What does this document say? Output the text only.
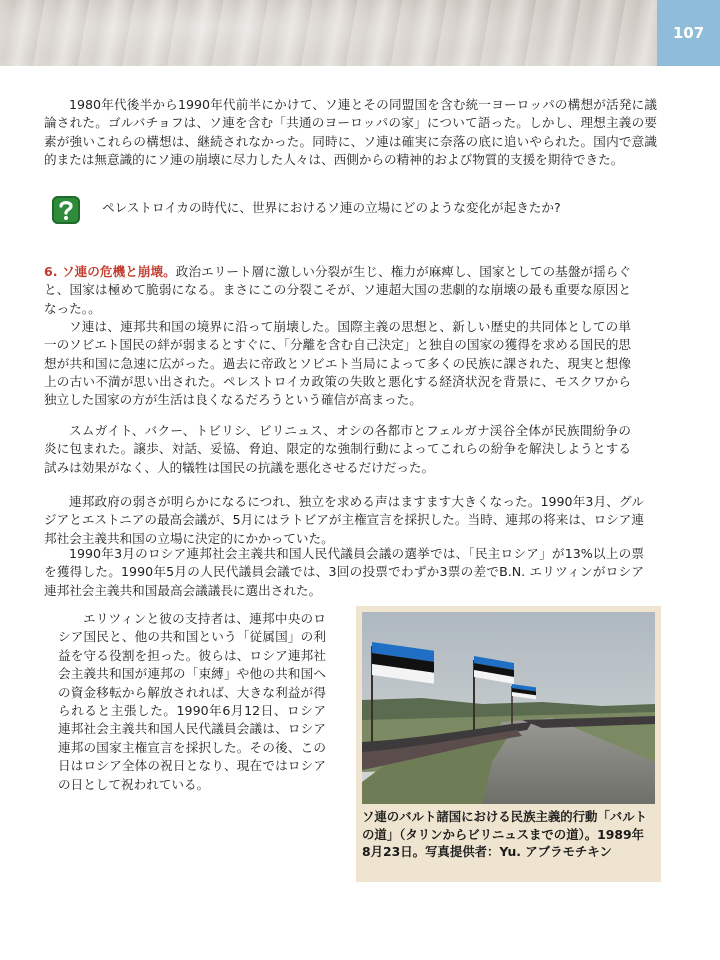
107

1980年代後半から1990年代前半にかけて、ソ連とその同盟国を含む統一ヨーロッパの構想が活発に議論された。ゴルバチョフは、ソ連を含む「共通のヨーロッパの家」について語った。しかし、理想主義の要素が強いこれらの構想は、継続されなかった。同時に、ソ連は確実に奈落の底に追いやられた。国内で意識的または無意識的にソ連の崩壊に尽力した人々は、西側からの精神的および物質的支援を期待できた。

ペレストロイカの時代に、世界におけるソ連の立場にどのような変化が起きたか?

6. ソ連の危機と崩壊。政治エリート層に激しい分裂が生じ、権力が麻痺し、国家としての基盤が揺らぐと、国家は極めて脆弱になる。まさにこの分裂こそが、ソ連超大国の悲劇的な崩壊の最も重要な原因となった。。

ソ連は、連邦共和国の境界に沿って崩壊した。国際主義の思想と、新しい歴史的共同体としての単一のソビエト国民の絆が弱まるとすぐに、「分離を含む自己決定」と独自の国家の獲得を求める国民的思想が共和国に急速に広がった。過去に帝政とソビエト当局によって多くの民族に課された、現実と想像上の古い不満が思い出された。ペレストロイカ政策の失敗と悪化する経済状況を背景に、モスクワから独立した国家の方が生活は良くなるだろうという確信が高まった。

スムガイト、バクー、トビリシ、ビリニュス、オシの各都市とフェルガナ渓谷全体が民族間紛争の炎に包まれた。譲歩、対話、妥協、脅迫、限定的な強制行動によってこれらの紛争を解決しようとする試みは効果がなく、人的犠牲は国民の抗議を悪化させるだけだった。

連邦政府の弱さが明らかになるにつれ、独立を求める声はますます大きくなった。1990年3月、グルジアとエストニアの最高会議が、5月にはラトビアが主権宣言を採択した。当時、連邦の将来は、ロシア連邦社会主義共和国の立場に決定的にかかっていた。

1990年3月のロシア連邦社会主義共和国人民代議員会議の選挙では、「民主ロシア」が13%以上の票を獲得した。1990年5月の人民代議員会議では、3回の投票でわずか3票の差でB.N. エリツィンがロシア連邦社会主義共和国最高会議議長に選出された。

エリツィンと彼の支持者は、連邦中央のロシア国民と、他の共和国という「従属国」の利益を守る役割を担った。彼らは、ロシア連邦社会主義共和国が連邦の「束縛」や他の共和国への資金移転から解放されれば、大きな利益が得られると主張した。1990年6月12日、ロシア連邦社会主義共和国人民代議員会議は、ロシア連邦の国家主権宣言を採択した。その後、この日はロシア全体の祝日となり、現在ではロシアの日として祝われている。

ソ連のバルト諸国における民族主義的行動「バルトの道」（タリンからビリニュスまでの道）。1989年8月23日。写真提供者：Yu. アブラモチキン
